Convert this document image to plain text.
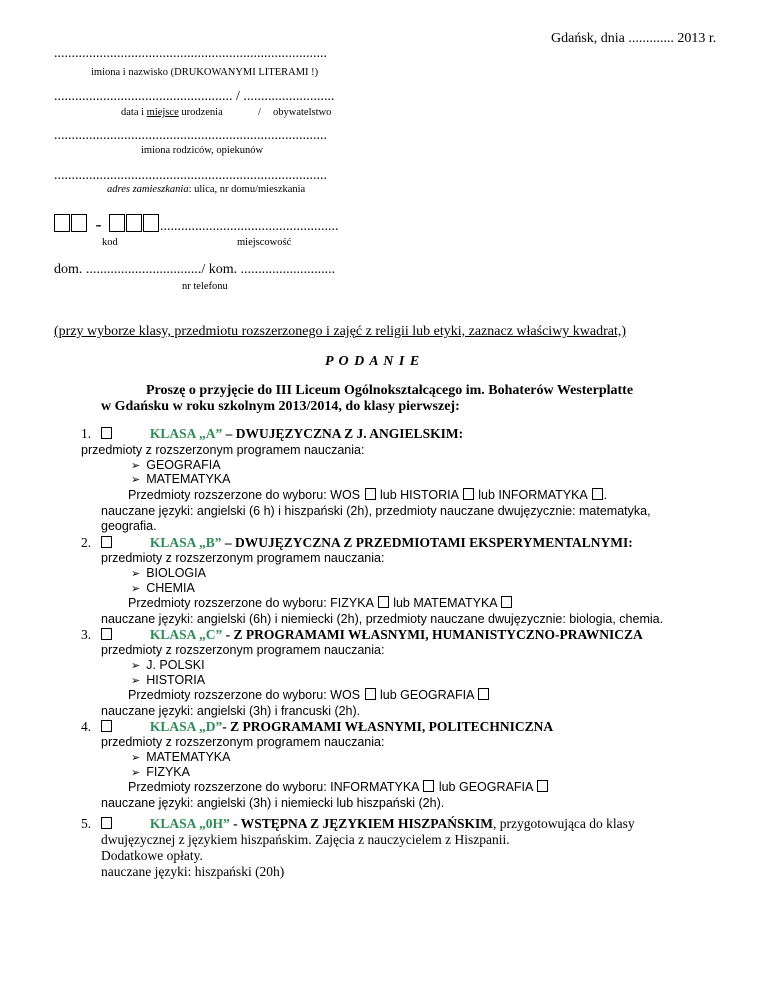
Gdańsk, dnia ............. 2013 r.
..............................................................................
imiona i nazwisko (DRUKOWANYMI LITERAMI !)
................................................... / ..........................
data i miejsce urodzenia	/ obywatelstwo
..............................................................................
imiona rodziców, opiekunów
..............................................................................
adres zamieszkania: ulica, nr domu/mieszkania
-	...................................................
kod	miejscowość
dom. ................................./ kom. ...........................
nr telefonu
(przy wyborze klasy, przedmiotu rozszerzonego i zajęć z religii lub etyki, zaznacz właściwy kwadrat,)
P O D A N I E
Proszę o przyjęcie do III Liceum Ogólnokształcącego im. Bohaterów Westerplatte
w Gdańsku w roku szkolnym 2013/2014, do klasy pierwszej:
1.	KLASA „A” – DWUJĘZYCZNA Z J. ANGIELSKIM:
przedmioty z rozszerzonym programem nauczania:
➢ GEOGRAFIA
➢ MATEMATYKA
Przedmioty rozszerzone do wyboru: WOS lub HISTORIA lub INFORMATYKA .
nauczane języki: angielski (6 h) i hiszpański (2h), przedmioty nauczane dwujęzycznie: matematyka,
geografia.
2.	KLASA „B” – DWUJĘZYCZNA Z PRZEDMIOTAMI EKSPERYMENTALNYMI:
przedmioty z rozszerzonym programem nauczania:
➢ BIOLOGIA
➢ CHEMIA
Przedmioty rozszerzone do wyboru: FIZYKA lub MATEMATYKA
nauczane języki: angielski (6h) i niemiecki (2h), przedmioty nauczane dwujęzycznie: biologia, chemia.
3.	KLASA „C” - Z PROGRAMAMI WŁASNYMI, HUMANISTYCZNO-PRAWNICZA
przedmioty z rozszerzonym programem nauczania:
➢ J. POLSKI
➢ HISTORIA
Przedmioty rozszerzone do wyboru: WOS lub GEOGRAFIA
nauczane języki: angielski (3h) i francuski (2h).
4.	KLASA „D”- Z PROGRAMAMI WŁASNYMI, POLITECHNICZNA
przedmioty z rozszerzonym programem nauczania:
➢ MATEMATYKA
➢ FIZYKA
Przedmioty rozszerzone do wyboru: INFORMATYKA lub GEOGRAFIA
nauczane języki: angielski (3h) i niemiecki lub hiszpański (2h).
5.	KLASA „0H” - WSTĘPNA Z JĘZYKIEM HISZPAŃSKIM, przygotowująca do klasy
dwujęzycznej z językiem hiszpańskim. Zajęcia z nauczycielem z Hiszpanii.
Dodatkowe opłaty.
nauczane języki: hiszpański (20h)
